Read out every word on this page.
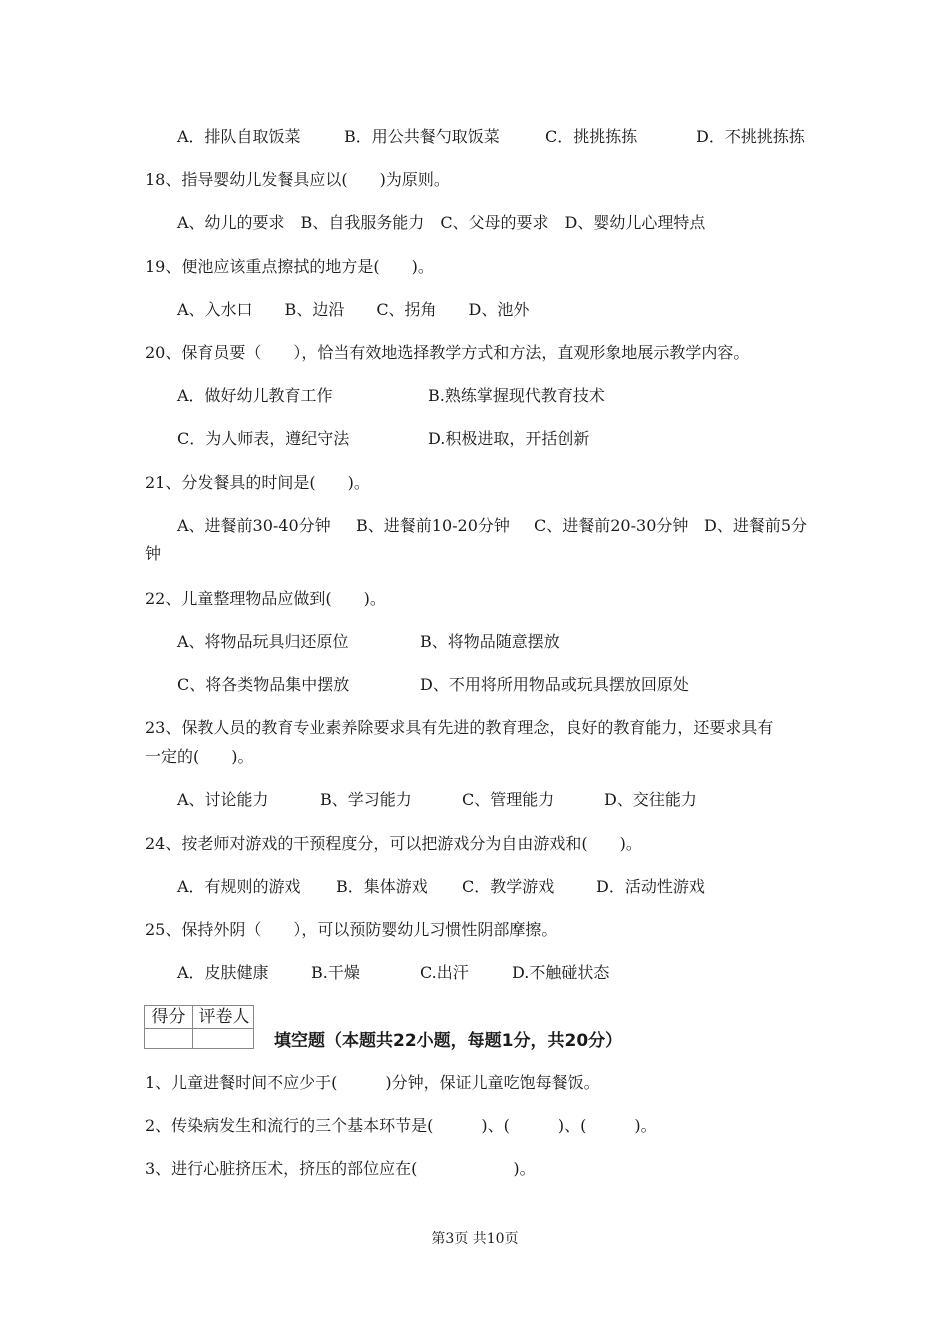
A．排队自取饭菜	B．用公共餐勺取饭菜	C．挑挑拣拣	D．不挑挑拣拣
18、指导婴幼儿发餐具应以(　　)为原则。
A、幼儿的要求　B、自我服务能力　C、父母的要求　D、婴幼儿心理特点
19、便池应该重点擦拭的地方是(　　)。
A、入水口　　B、边沿　　C、拐角　　D、池外
20、保育员要（　　），恰当有效地选择教学方式和方法，直观形象地展示教学内容。
A．做好幼儿教育工作	B.熟练掌握现代教育技术
C．为人师表，遵纪守法	D.积极进取，开括创新
21、分发餐具的时间是(　　)。
A、进餐前30-40分钟 B、进餐前10-20分钟 C、进餐前20-30分钟 D、进餐前5分
钟
22、儿童整理物品应做到(　　)。
A、将物品玩具归还原位	B、将物品随意摆放
C、将各类物品集中摆放	D、不用将所用物品或玩具摆放回原处
23、保教人员的教育专业素养除要求具有先进的教育理念，良好的教育能力，还要求具有
一定的(　　)。
A、讨论能力	B、学习能力	C、管理能力	D、交往能力
24、按老师对游戏的干预程度分，可以把游戏分为自由游戏和(　　)。
A．有规则的游戏 B．集体游戏 C．教学游戏	D．活动性游戏
25、保持外阴（　　），可以预防婴幼儿习惯性阴部摩擦。
A．皮肤健康	B.干燥	C.出汗	D.不触碰状态
得分 评卷人
填空题（本题共22小题，每题1分，共20分）
1、儿童进餐时间不应少于(　　　)分钟，保证儿童吃饱每餐饭。
2、传染病发生和流行的三个基本环节是(　　　)、(　　　)、(　　　)。
3、进行心脏挤压术，挤压的部位应在(　　　　　　)。
第3页 共10页
